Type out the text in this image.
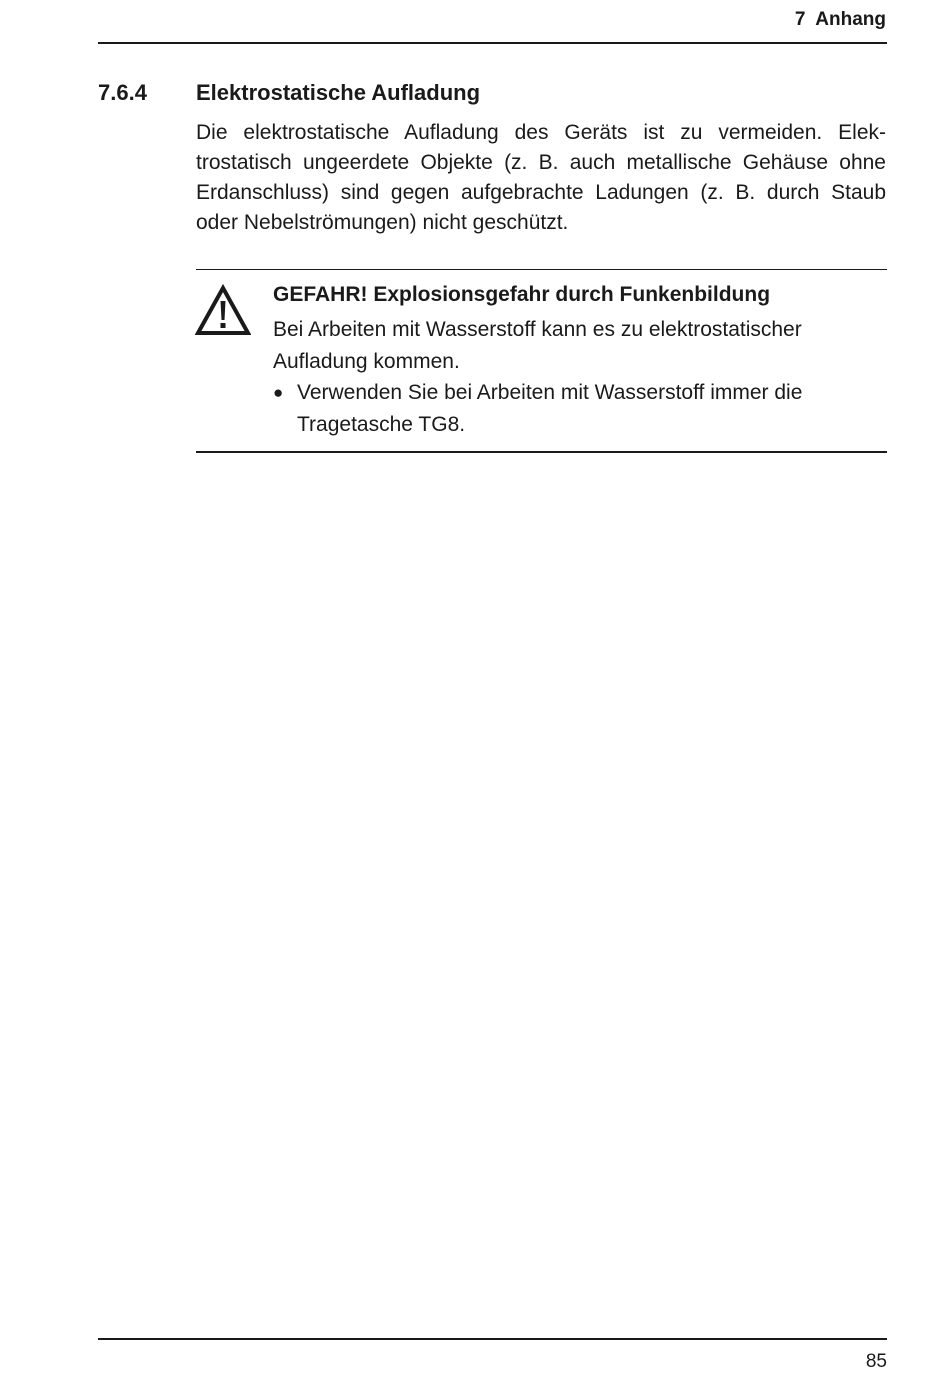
7  Anhang
7.6.4 Elektrostatische Aufladung

Die elektrostatische Aufladung des Geräts ist zu vermeiden. Elektrostatisch ungeerdete Objekte (z. B. auch metallische Gehäuse ohne Erdanschluss) sind gegen aufgebrachte Ladungen (z. B. durch Staub oder Nebelströmungen) nicht geschützt.

GEFAHR! Explosionsgefahr durch Funkenbildung

Bei Arbeiten mit Wasserstoff kann es zu elektrostatischer Aufladung kommen.

● Verwenden Sie bei Arbeiten mit Wasserstoff immer die Tragetasche TG8.
85
